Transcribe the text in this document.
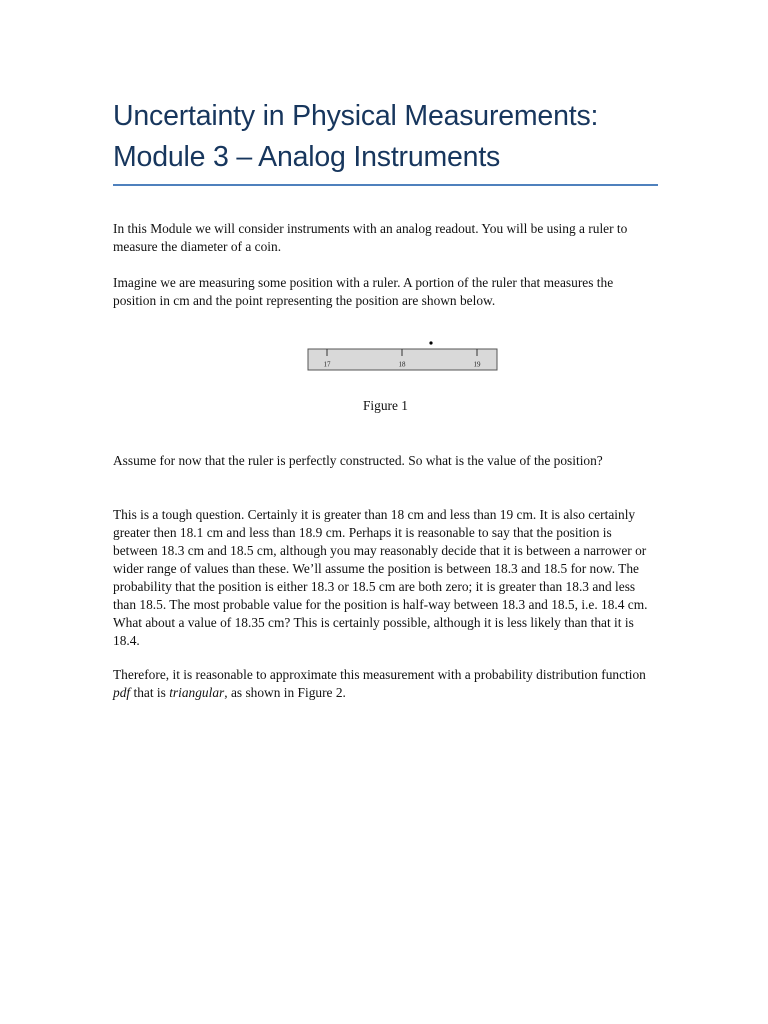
Uncertainty in Physical Measurements:
Module 3 – Analog Instruments

In this Module we will consider instruments with an analog readout. You will be using a ruler to measure the diameter of a coin.

Imagine we are measuring some position with a ruler. A portion of the ruler that measures the position in cm and the point representing the position are shown below.

17	18	19
Figure 1

Assume for now that the ruler is perfectly constructed. So what is the value of the position?

This is a tough question. Certainly it is greater than 18 cm and less than 19 cm. It is also certainly greater then 18.1 cm and less than 18.9 cm. Perhaps it is reasonable to say that the position is between 18.3 cm and 18.5 cm, although you may reasonably decide that it is between a narrower or wider range of values than these. We’ll assume the position is between 18.3 and 18.5 for now. The probability that the position is either 18.3 or 18.5 cm are both zero; it is greater than 18.3 and less than 18.5. The most probable value for the position is half-way between 18.3 and 18.5, i.e. 18.4 cm. What about a value of 18.35 cm? This is certainly possible, although it is less likely than that it is 18.4.

Therefore, it is reasonable to approximate this measurement with a probability distribution function pdf that is triangular, as shown in Figure 2.
